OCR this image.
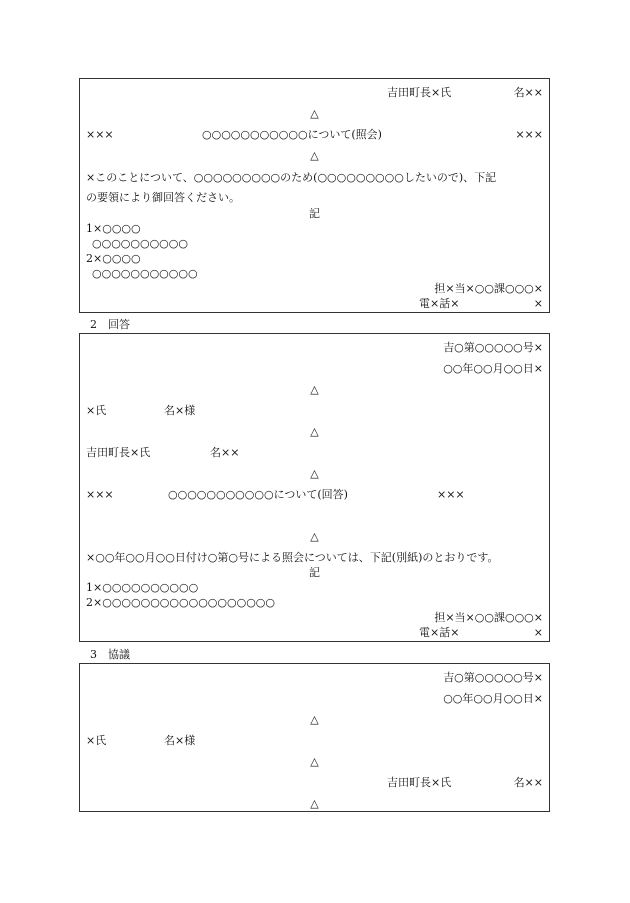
吉田町長×氏	名××
△
×××	○○○○○○○○○○○について(照会)	×××
△
×このことについて、○○○○○○○○○のため(○○○○○○○○○したいので)、下記
の要領により御回答ください。
記
1×○○○○
○○○○○○○○○○
2×○○○○
○○○○○○○○○○○
担×当×○○課○○○×
電×話×	×
2　回答
吉○第○○○○○号×
○○年○○月○○日×
△
×氏	名×様
△
吉田町長×氏	名××
△
×××	○○○○○○○○○○○について(回答)	×××
△
×○○年○○月○○日付け○第○号による照会については、下記(別紙)のとおりです。
記
1×○○○○○○○○○○
2×○○○○○○○○○○○○○○○○○○
担×当×○○課○○○×
電×話×	×
3　協議
吉○第○○○○○号×
○○年○○月○○日×
△
×氏	名×様
△
吉田町長×氏	名××
△
